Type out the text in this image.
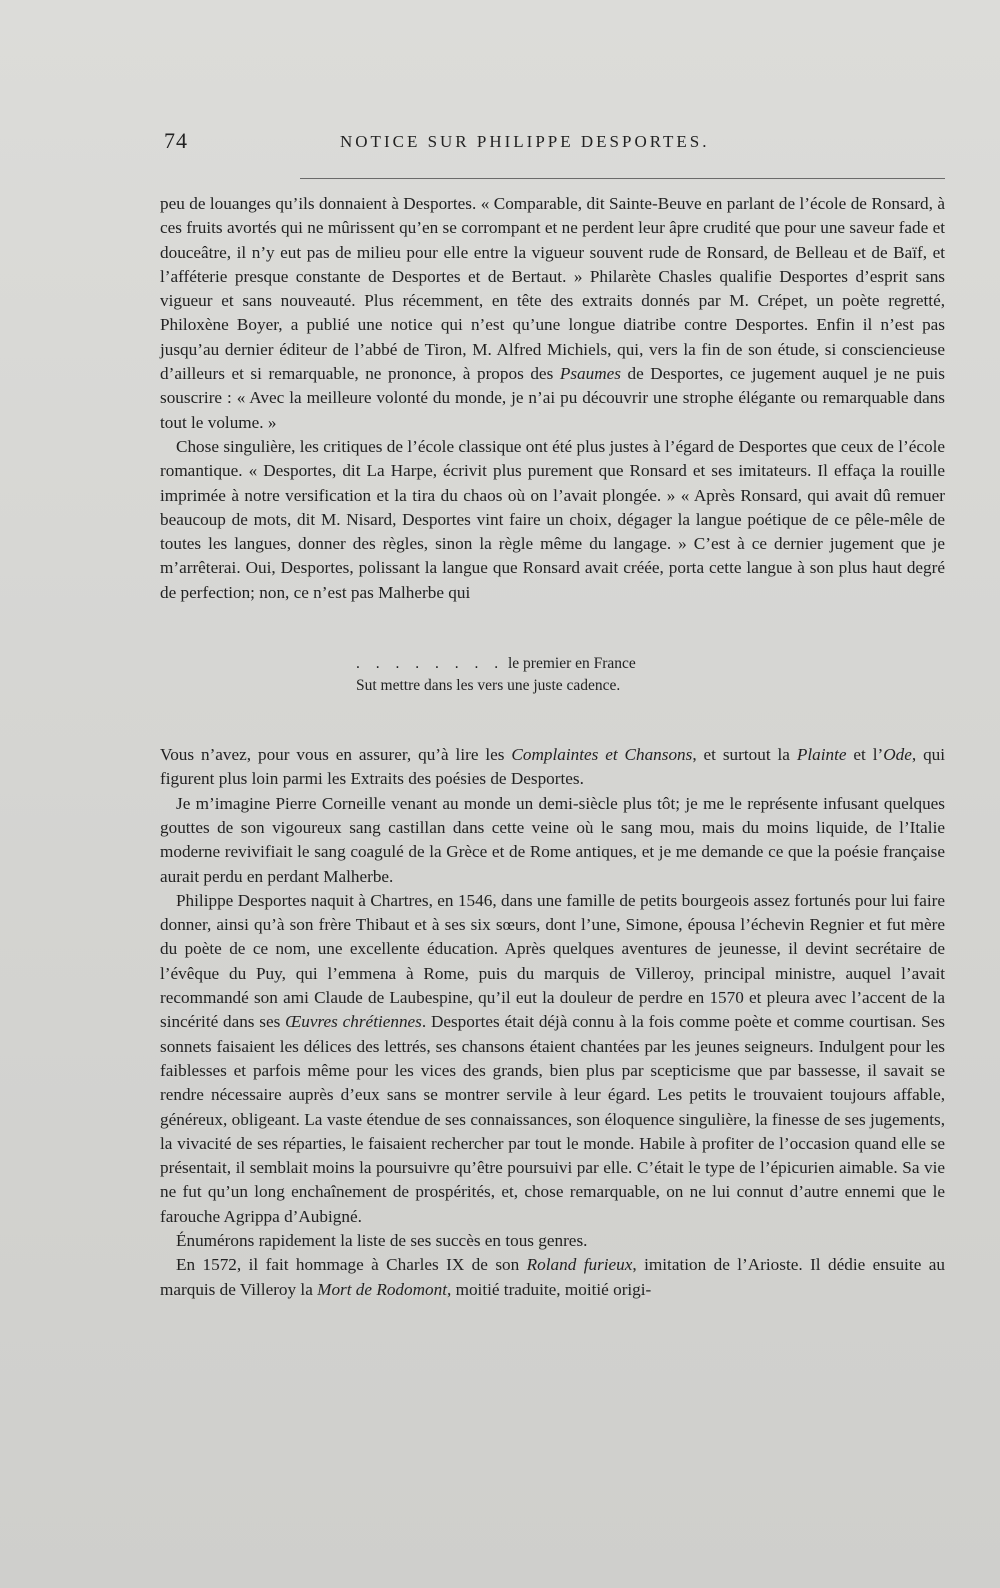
74	NOTICE SUR PHILIPPE DESPORTES.

peu de louanges qu’ils donnaient à Desportes. « Comparable, dit Sainte-Beuve en parlant de l’école de Ronsard, à ces fruits avortés qui ne mûrissent qu’en se corrompant et ne perdent leur âpre crudité que pour une saveur fade et douceâtre, il n’y eut pas de milieu pour elle entre la vigueur souvent rude de Ronsard, de Belleau et de Baïf, et l’afféterie presque constante de Desportes et de Bertaut. » Philarète Chasles qualifie Desportes d’esprit sans vigueur et sans nouveauté. Plus récemment, en tête des extraits donnés par M. Crépet, un poète regretté, Philoxène Boyer, a publié une notice qui n’est qu’une longue diatribe contre Desportes. Enfin il n’est pas jusqu’au dernier éditeur de l’abbé de Tiron, M. Alfred Michiels, qui, vers la fin de son étude, si consciencieuse d’ailleurs et si remarquable, ne prononce, à propos des Psaumes de Desportes, ce jugement auquel je ne puis souscrire : « Avec la meilleure volonté du monde, je n’ai pu découvrir une strophe élégante ou remarquable dans tout le volume. »

Chose singulière, les critiques de l’école classique ont été plus justes à l’égard de Desportes que ceux de l’école romantique. « Desportes, dit La Harpe, écrivit plus purement que Ronsard et ses imitateurs. Il effaça la rouille imprimée à notre versification et la tira du chaos où on l’avait plongée. » « Après Ronsard, qui avait dû remuer beaucoup de mots, dit M. Nisard, Desportes vint faire un choix, dégager la langue poétique de ce pêle-mêle de toutes les langues, donner des règles, sinon la règle même du langage. » C’est à ce dernier jugement que je m’arrêterai. Oui, Desportes, polissant la langue que Ronsard avait créée, porta cette langue à son plus haut degré de perfection; non, ce n’est pas Malherbe qui

. . . . . . . . le premier en France
Sut mettre dans les vers une juste cadence.

Vous n’avez, pour vous en assurer, qu’à lire les Complaintes et Chansons, et surtout la Plainte et l’Ode, qui figurent plus loin parmi les Extraits des poésies de Desportes.

Je m’imagine Pierre Corneille venant au monde un demi-siècle plus tôt; je me le représente infusant quelques gouttes de son vigoureux sang castillan dans cette veine où le sang mou, mais du moins liquide, de l’Italie moderne revivifiait le sang coagulé de la Grèce et de Rome antiques, et je me demande ce que la poésie française aurait perdu en perdant Malherbe.

Philippe Desportes naquit à Chartres, en 1546, dans une famille de petits bourgeois assez fortunés pour lui faire donner, ainsi qu’à son frère Thibaut et à ses six sœurs, dont l’une, Simone, épousa l’échevin Regnier et fut mère du poète de ce nom, une excellente éducation. Après quelques aventures de jeunesse, il devint secrétaire de l’évêque du Puy, qui l’emmena à Rome, puis du marquis de Villeroy, principal ministre, auquel l’avait recommandé son ami Claude de Laubespine, qu’il eut la douleur de perdre en 1570 et pleura avec l’accent de la sincérité dans ses Œuvres chrétiennes. Desportes était déjà connu à la fois comme poète et comme courtisan. Ses sonnets faisaient les délices des lettrés, ses chansons étaient chantées par les jeunes seigneurs. Indulgent pour les faiblesses et parfois même pour les vices des grands, bien plus par scepticisme que par bassesse, il savait se rendre nécessaire auprès d’eux sans se montrer servile à leur égard. Les petits le trouvaient toujours affable, généreux, obligeant. La vaste étendue de ses connaissances, son éloquence singulière, la finesse de ses jugements, la vivacité de ses réparties, le faisaient rechercher par tout le monde. Habile à profiter de l’occasion quand elle se présentait, il semblait moins la poursuivre qu’être poursuivi par elle. C’était le type de l’épicurien aimable. Sa vie ne fut qu’un long enchaînement de prospérités, et, chose remarquable, on ne lui connut d’autre ennemi que le farouche Agrippa d’Aubigné.

Énumérons rapidement la liste de ses succès en tous genres.

En 1572, il fait hommage à Charles IX de son Roland furieux, imitation de l’Arioste. Il dédie ensuite au marquis de Villeroy la Mort de Rodomont, moitié traduite, moitié origi-
